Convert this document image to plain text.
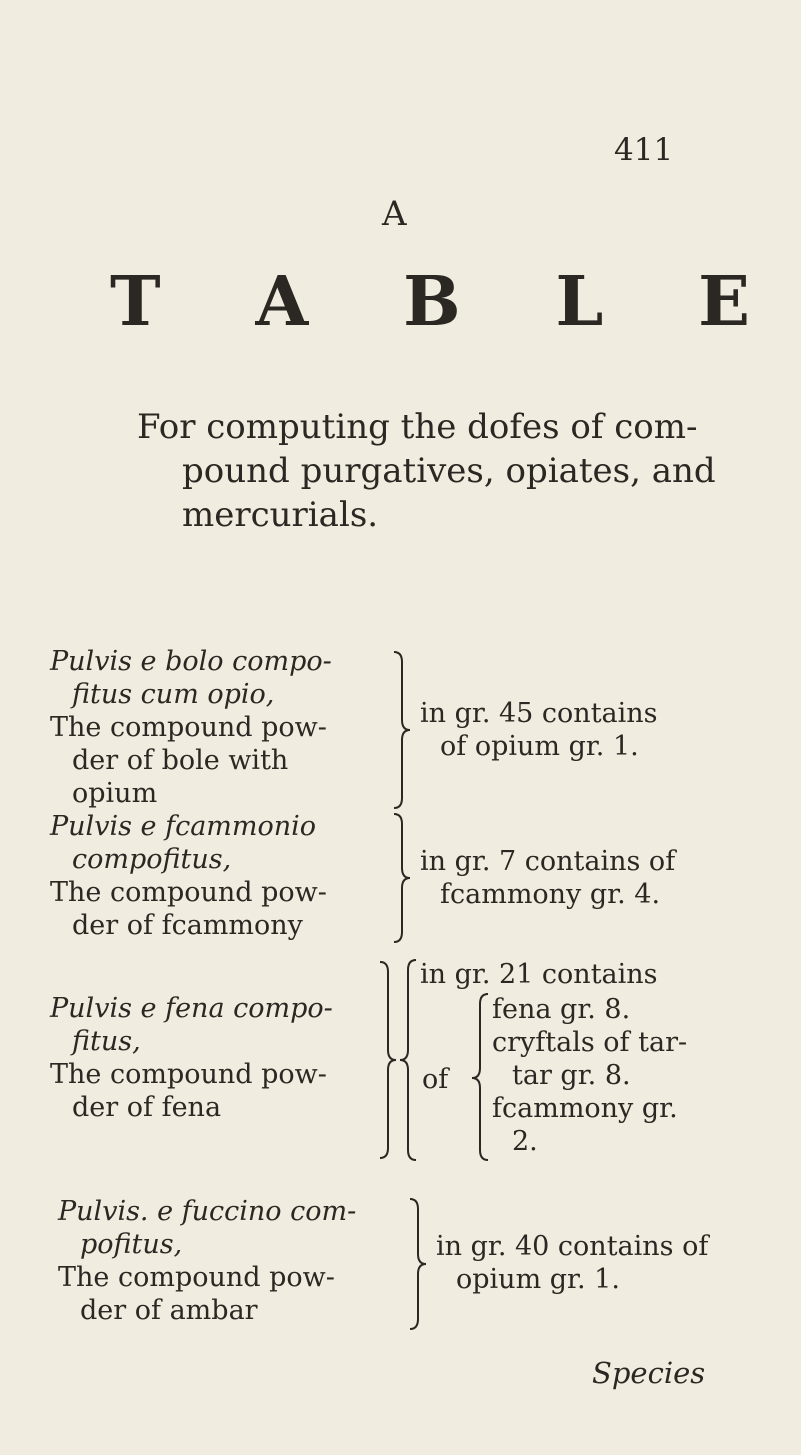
411
A
T A B L E
For computing the dofes of com-
pound purgatives, opiates, and
mercurials.
Pulvis e bolo compo-
fitus cum opio,
The compound pow-
der of bole with
opium
in gr. 45 contains
of opium gr. 1.
Pulvis e fcammonio
compofitus,
The compound pow-
der of fcammony
in gr. 7 contains of
fcammony gr. 4.
Pulvis e fena compo-
fitus,
The compound pow-
der of fena
in gr. 21 contains
of
fena gr. 8.
cryftals of tar-
tar gr. 8.
fcammony gr.
2.
Pulvis. e fuccino com-
pofitus,
The compound pow-
der of ambar
in gr. 40 contains of
opium gr. 1.
Species
